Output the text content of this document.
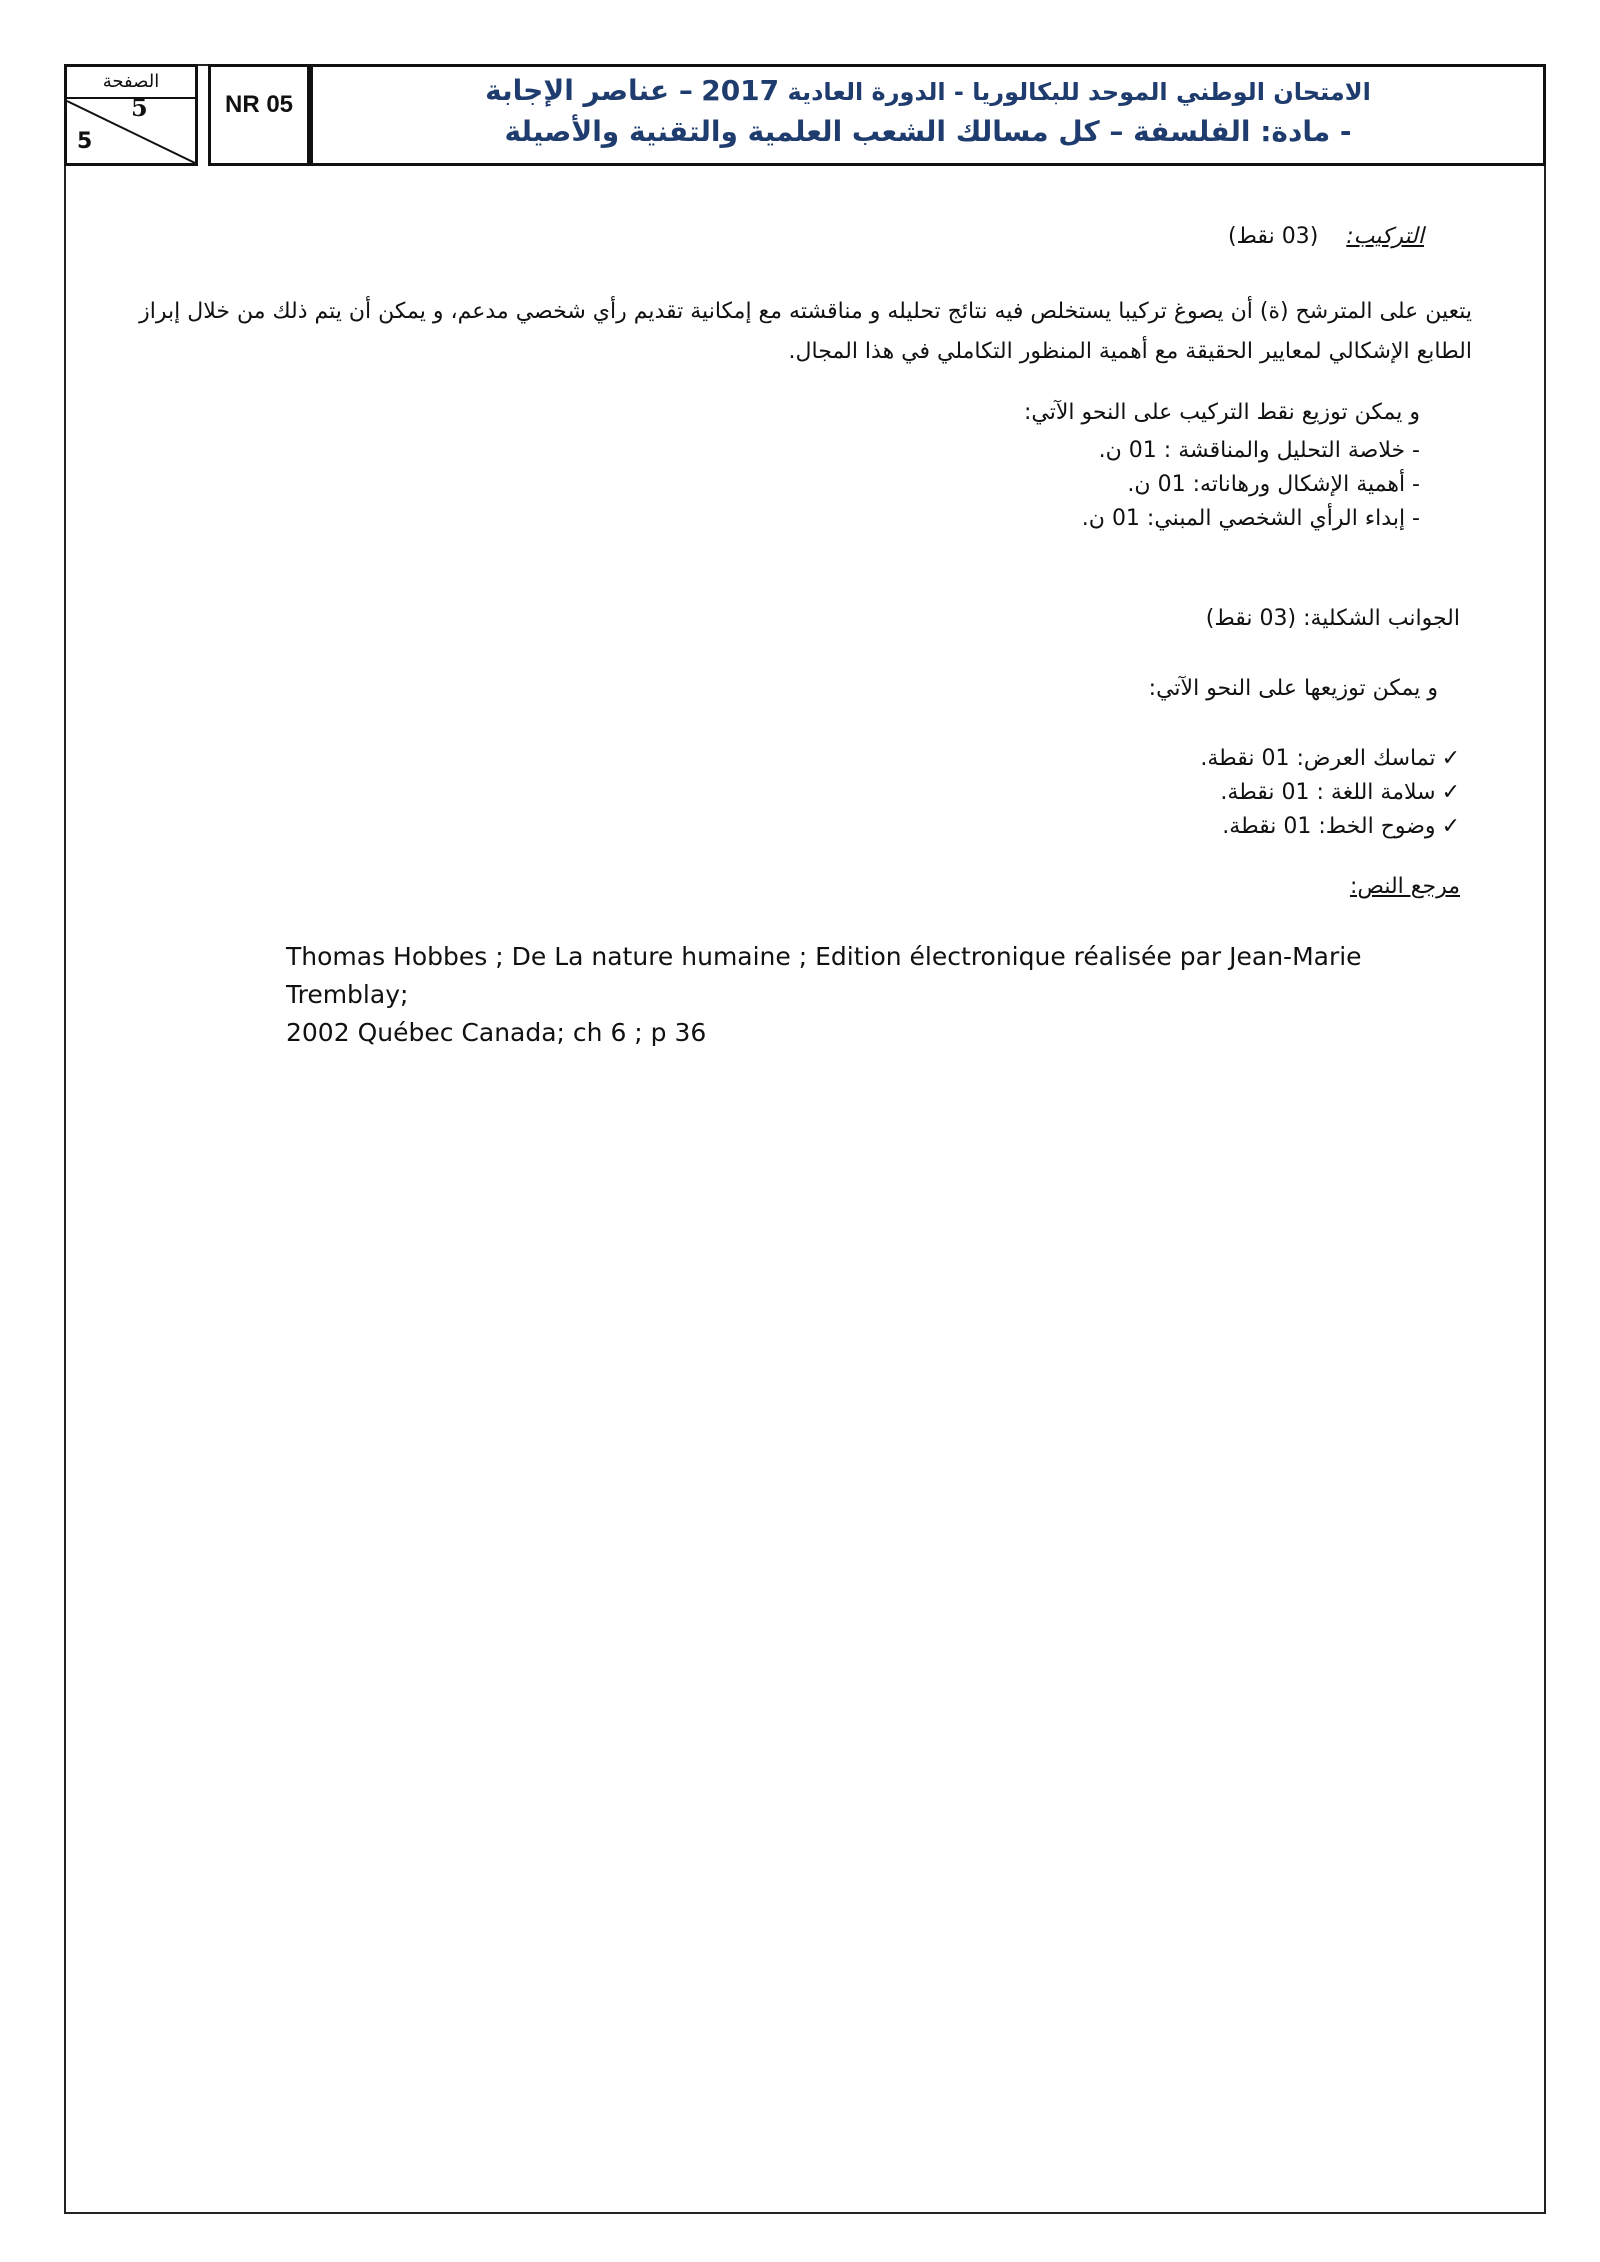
الصفحة
5
5
NR 05	الامتحان الوطني الموحد للبكالوريا - الدورة العادية 2017 – عناصر الإجابة
- مادة: الفلسفة – كل مسالك الشعب العلمية والتقنية والأصيلة
التركيب:    (03 نقط)
يتعين على المترشح (ة) أن يصوغ تركيبا يستخلص فيه نتائج تحليله و مناقشته مع إمكانية تقديم رأي شخصي مدعم، و يمكن أن يتم ذلك من خلال إبراز الطابع الإشكالي لمعايير الحقيقة مع أهمية المنظور التكاملي في هذا المجال.
و يمكن توزيع نقط التركيب على النحو الآتي:
- خلاصة التحليل والمناقشة : 01 ن.
- أهمية الإشكال ورهاناته: 01 ن.
- إبداء الرأي الشخصي المبني: 01 ن.
الجوانب الشكلية: (03 نقط)
و يمكن توزيعها على النحو الآتي:
✓تماسك العرض: 01 نقطة.
✓سلامة اللغة : 01 نقطة.
✓وضوح الخط: 01 نقطة.
مرجع النص:
Thomas Hobbes ; De La nature humaine ; Edition électronique réalisée par Jean-Marie Tremblay;
2002 Québec Canada; ch 6 ; p 36
